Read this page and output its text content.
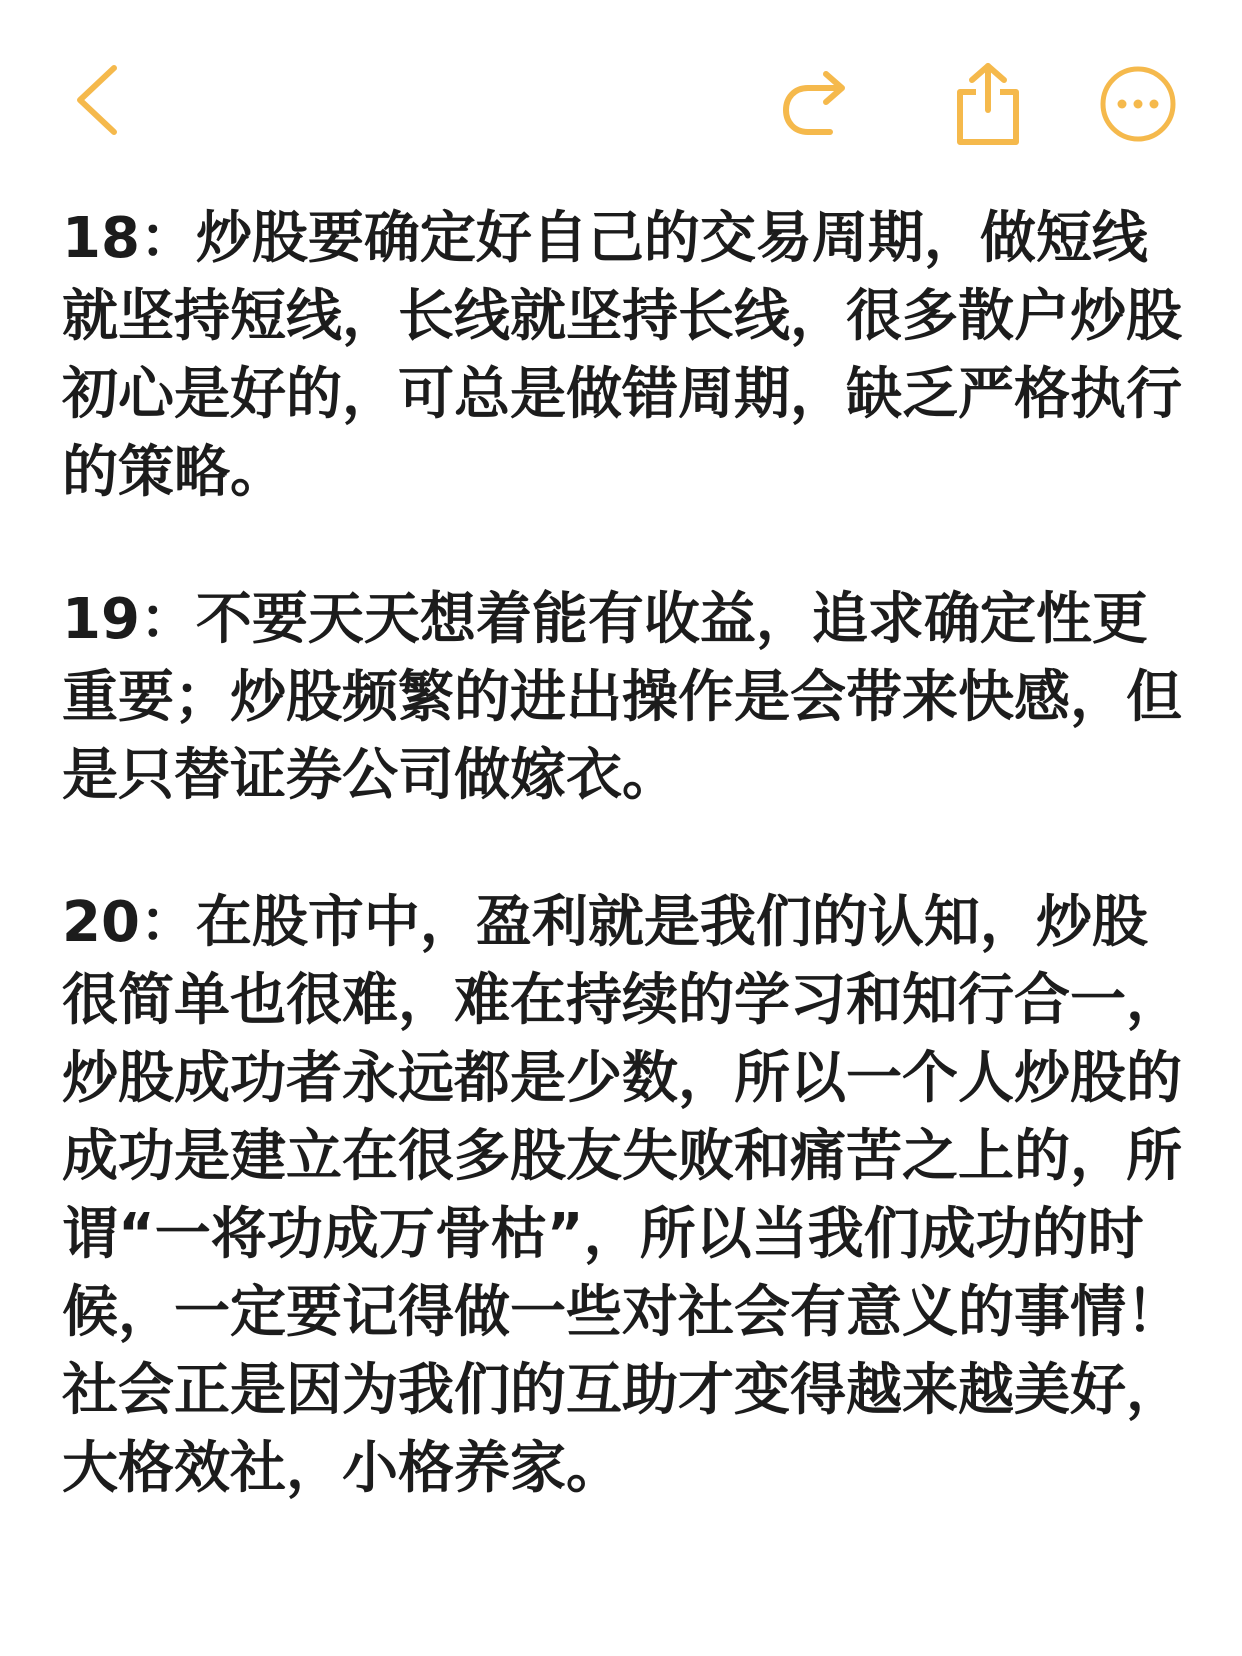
18：炒股要确定好自己的交易周期，做短线就坚持短线，长线就坚持长线，很多散户炒股初心是好的，可总是做错周期，缺乏严格执行的策略。

19：不要天天想着能有收益，追求确定性更重要；炒股频繁的进出操作是会带来快感，但是只替证券公司做嫁衣。

20：在股市中，盈利就是我们的认知，炒股很简单也很难，难在持续的学习和知行合一，炒股成功者永远都是少数，所以一个人炒股的成功是建立在很多股友失败和痛苦之上的，所谓“一将功成万骨枯”，所以当我们成功的时候，一定要记得做一些对社会有意义的事情！社会正是因为我们的互助才变得越来越美好，大格效社，小格养家。
